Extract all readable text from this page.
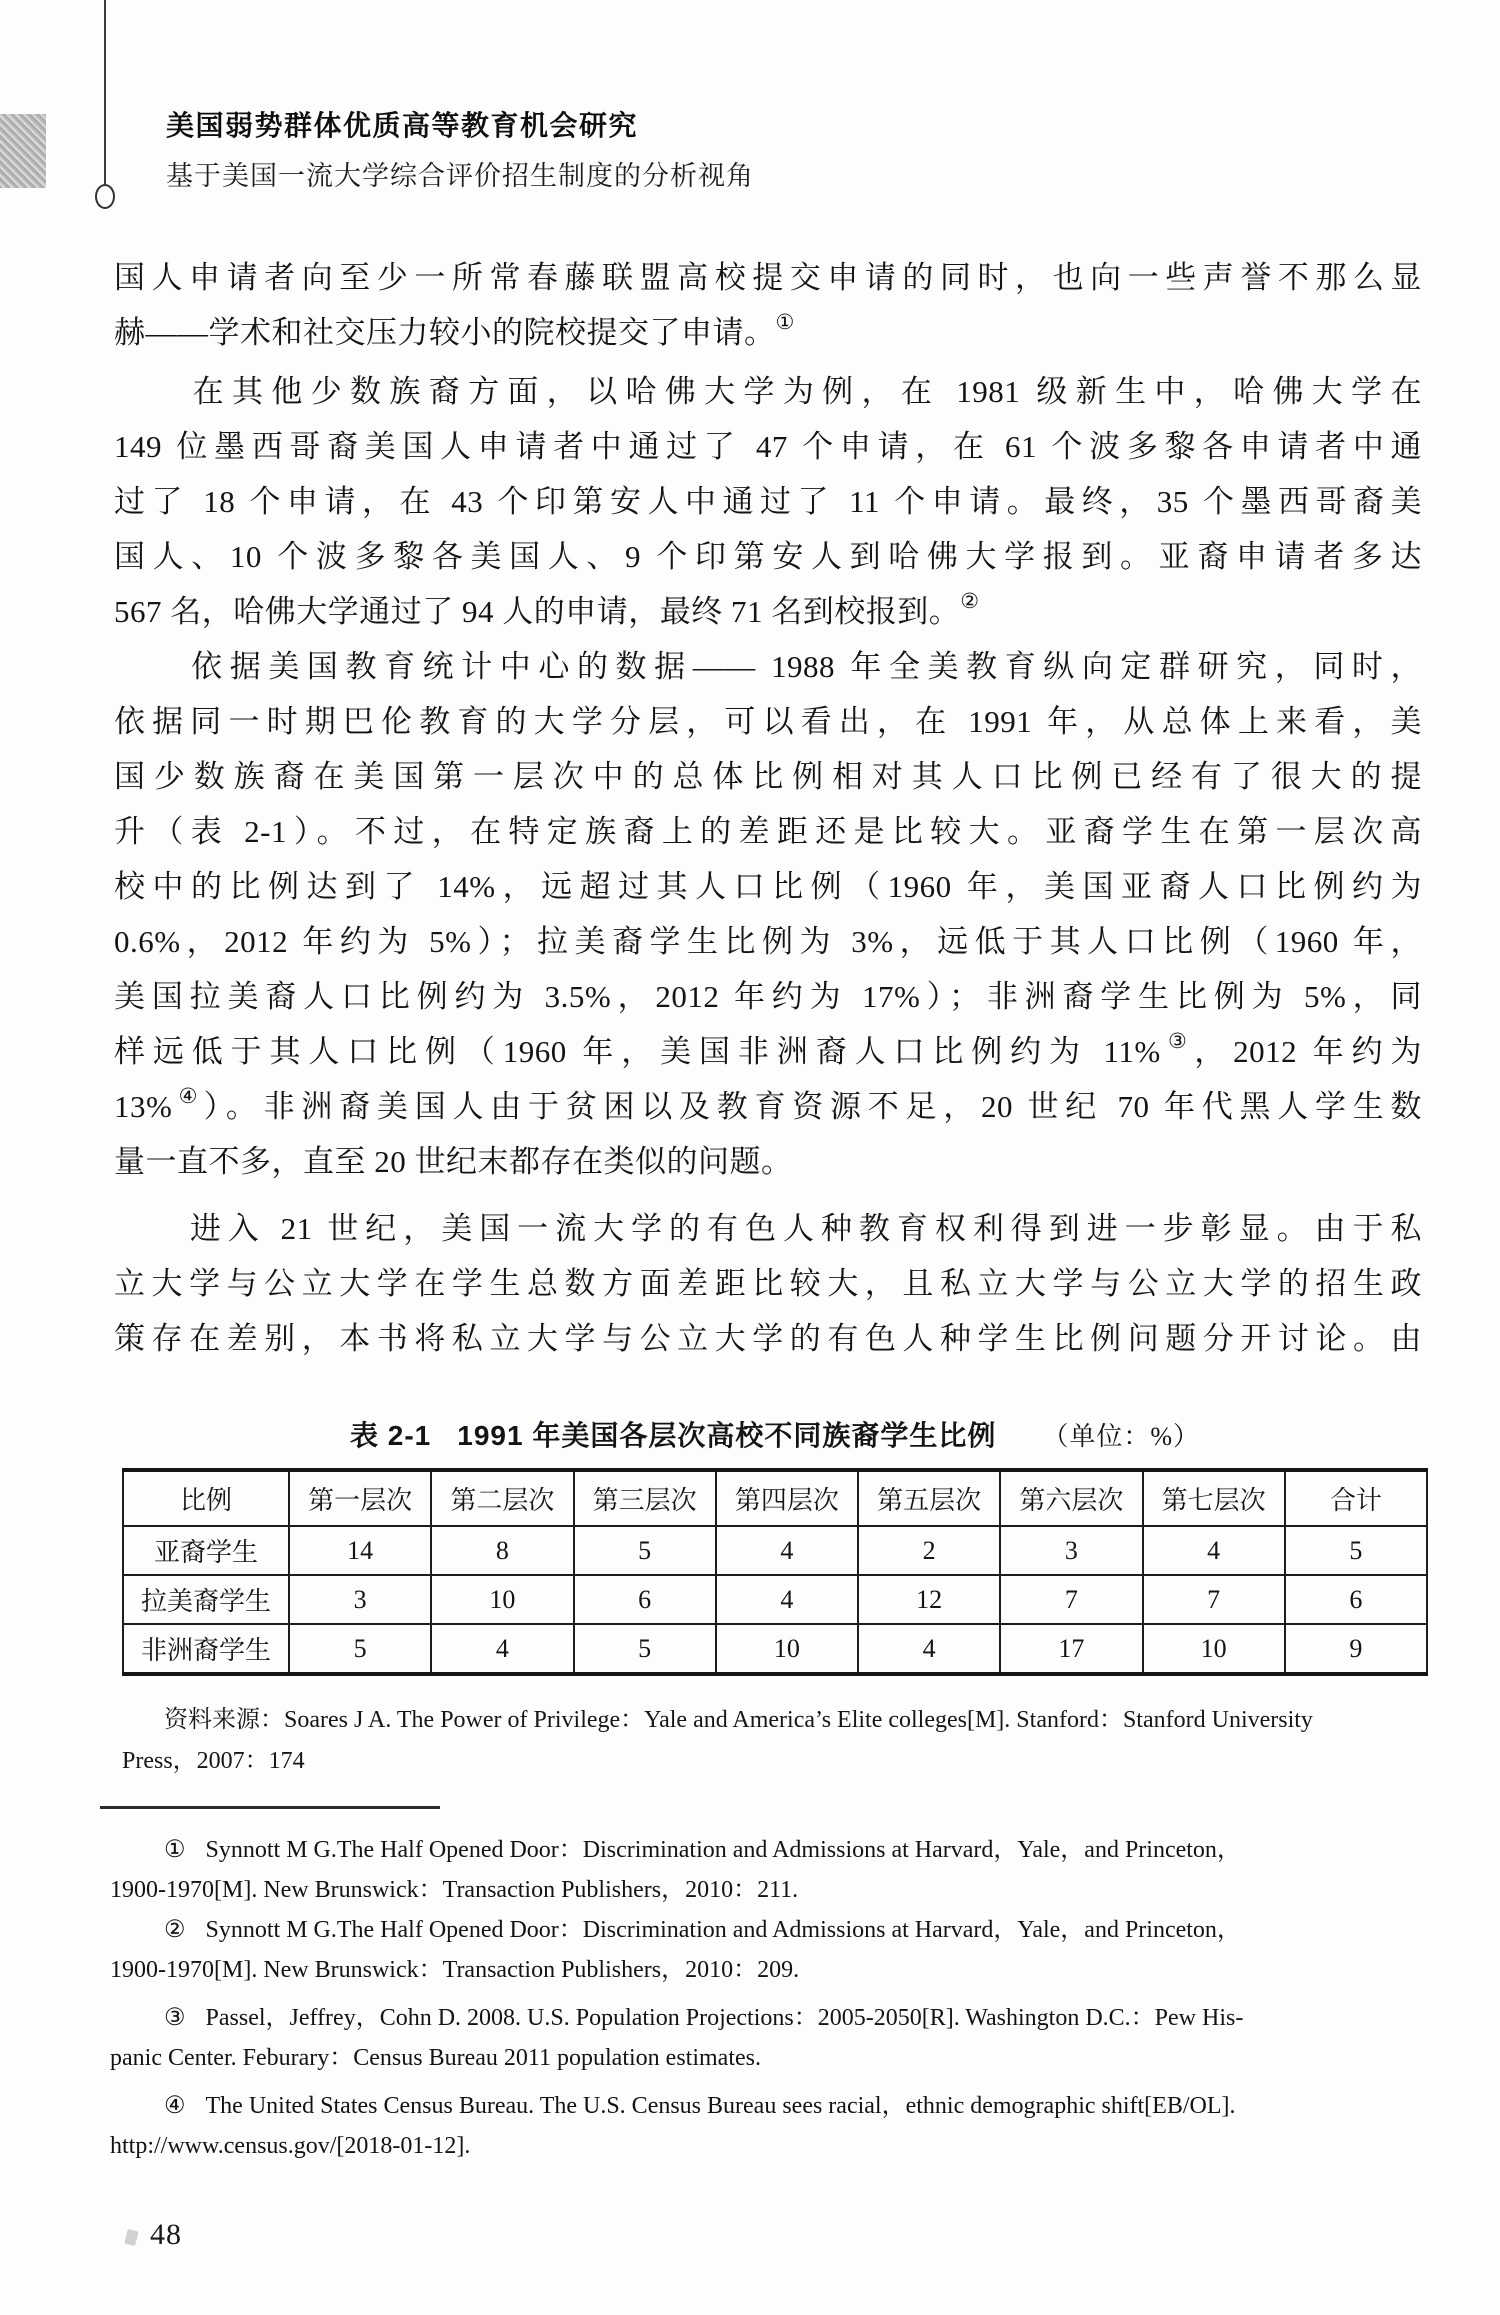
美国弱势群体优质高等教育机会研究
基于美国一流大学综合评价招生制度的分析视角
国人申请者向至少一所常春藤联盟高校提交申请的同时，也向一些声誉不那么显
赫——学术和社交压力较小的院校提交了申请。①
　　在其他少数族裔方面，以哈佛大学为例，在 1981 级新生中，哈佛大学在
149 位墨西哥裔美国人申请者中通过了 47 个申请，在 61 个波多黎各申请者中通
过了 18 个申请，在 43 个印第安人中通过了 11 个申请。最终，35 个墨西哥裔美
国人、10 个波多黎各美国人、9 个印第安人到哈佛大学报到。亚裔申请者多达
567 名，哈佛大学通过了 94 人的申请，最终 71 名到校报到。②
　　依据美国教育统计中心的数据—— 1988 年全美教育纵向定群研究，同时，
依据同一时期巴伦教育的大学分层，可以看出，在 1991 年，从总体上来看，美
国少数族裔在美国第一层次中的总体比例相对其人口比例已经有了很大的提
升（表 2-1）。不过，在特定族裔上的差距还是比较大。亚裔学生在第一层次高
校中的比例达到了 14%，远超过其人口比例（1960 年，美国亚裔人口比例约为
0.6%，2012 年约为 5%）；拉美裔学生比例为 3%，远低于其人口比例（1960 年，
美国拉美裔人口比例约为 3.5%，2012 年约为 17%）；非洲裔学生比例为 5%，同
样远低于其人口比例（1960 年，美国非洲裔人口比例约为 11%③，2012 年约为
13%④）。非洲裔美国人由于贫困以及教育资源不足，20 世纪 70 年代黑人学生数
量一直不多，直至 20 世纪末都存在类似的问题。
　　进入 21 世纪，美国一流大学的有色人种教育权利得到进一步彰显。由于私
立大学与公立大学在学生总数方面差距比较大，且私立大学与公立大学的招生政
策存在差别，本书将私立大学与公立大学的有色人种学生比例问题分开讨论。由
表 2-1 1991 年美国各层次高校不同族裔学生比例 （单位：%）
比例	第一层次	第二层次	第三层次	第四层次	第五层次	第六层次	第七层次	合计
亚裔学生	14	8	5	4	2	3	4	5
拉美裔学生	3	10	6	4	12	7	7	6
非洲裔学生	5	4	5	10	4	17	10	9
资料来源：Soares J A. The Power of Privilege：Yale and America’s Elite colleges[M]. Stanford：Stanford University
Press，2007：174
① Synnott M G.The Half Opened Door：Discrimination and Admissions at Harvard，Yale，and Princeton，
1900-1970[M]. New Brunswick：Transaction Publishers，2010：211.
② Synnott M G.The Half Opened Door：Discrimination and Admissions at Harvard，Yale，and Princeton，
1900-1970[M]. New Brunswick：Transaction Publishers，2010：209.
③ Passel，Jeffrey，Cohn D. 2008. U.S. Population Projections：2005-2050[R]. Washington D.C.：Pew His-
panic Center. Feburary：Census Bureau 2011 population estimates.
④ The United States Census Bureau. The U.S. Census Bureau sees racial，ethnic demographic shift[EB/OL].
http://www.census.gov/[2018-01-12].
48
